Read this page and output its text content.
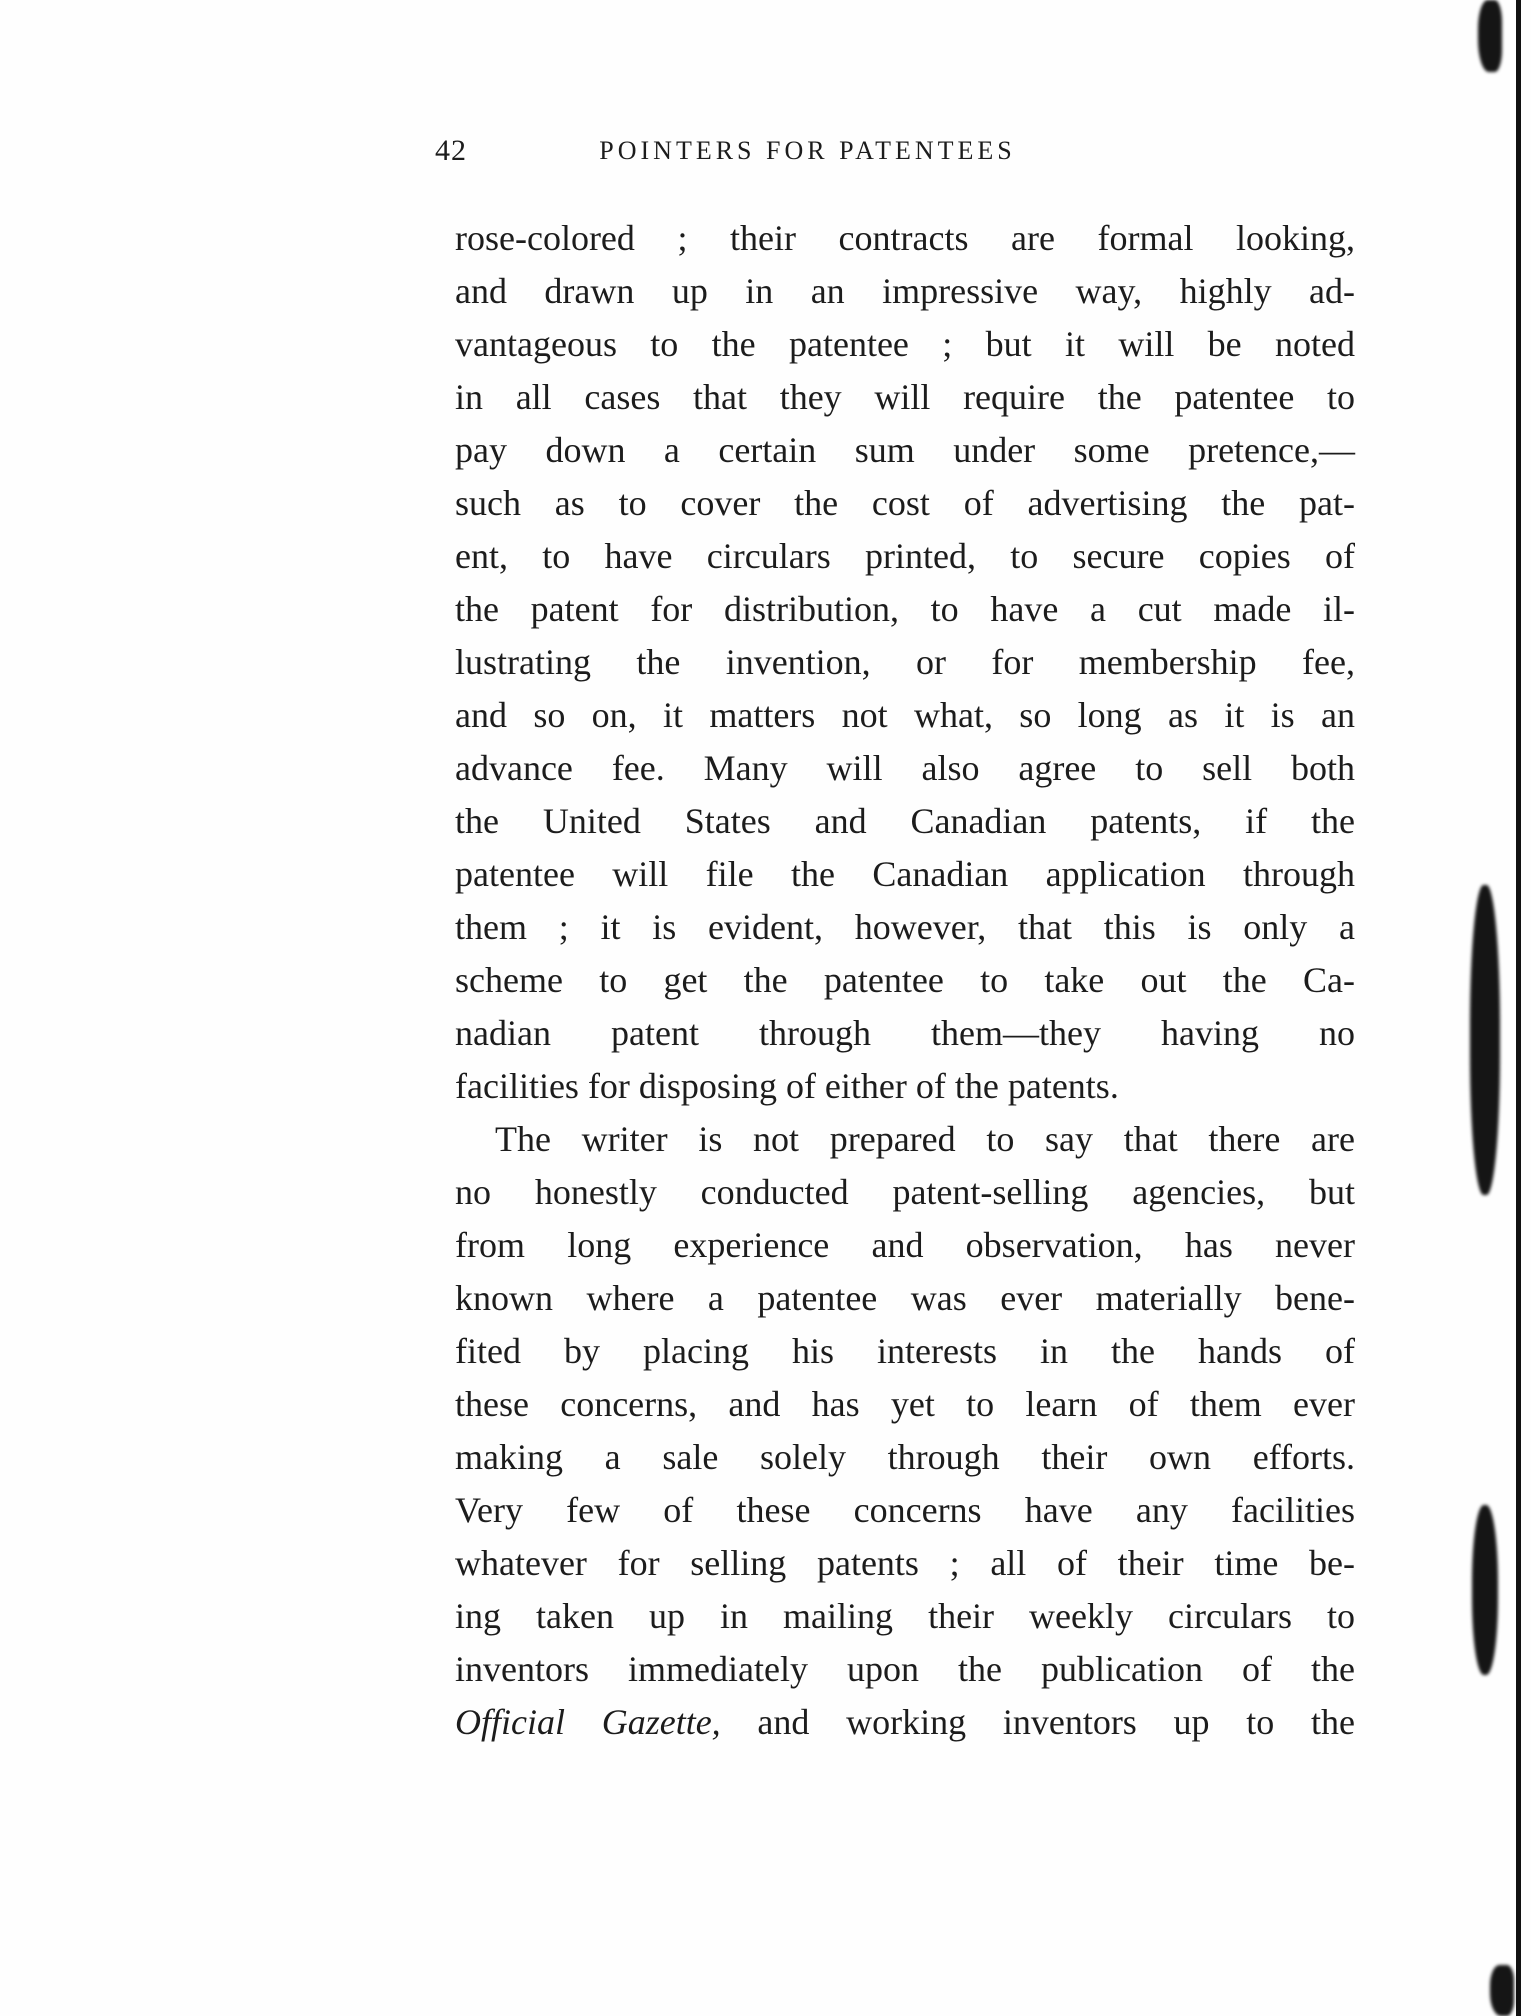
42	POINTERS FOR PATENTEES
rose-colored ; their contracts are formal looking,
and drawn up in an impressive way, highly ad-
vantageous to the patentee ; but it will be noted
in all cases that they will require the patentee to
pay down a certain sum under some pretence,—
such as to cover the cost of advertising the pat-
ent, to have circulars printed, to secure copies of
the patent for distribution, to have a cut made il-
lustrating the invention, or for membership fee,
and so on, it matters not what, so long as it is an
advance fee. Many will also agree to sell both
the United States and Canadian patents, if the
patentee will file the Canadian application through
them ; it is evident, however, that this is only a
scheme to get the patentee to take out the Ca-
nadian patent through them—they having no
facilities for disposing of either of the patents.
The writer is not prepared to say that there are
no honestly conducted patent-selling agencies, but
from long experience and observation, has never
known where a patentee was ever materially bene-
fited by placing his interests in the hands of
these concerns, and has yet to learn of them ever
making a sale solely through their own efforts.
Very few of these concerns have any facilities
whatever for selling patents ; all of their time be-
ing taken up in mailing their weekly circulars to
inventors immediately upon the publication of the
Official Gazette, and working inventors up to the
